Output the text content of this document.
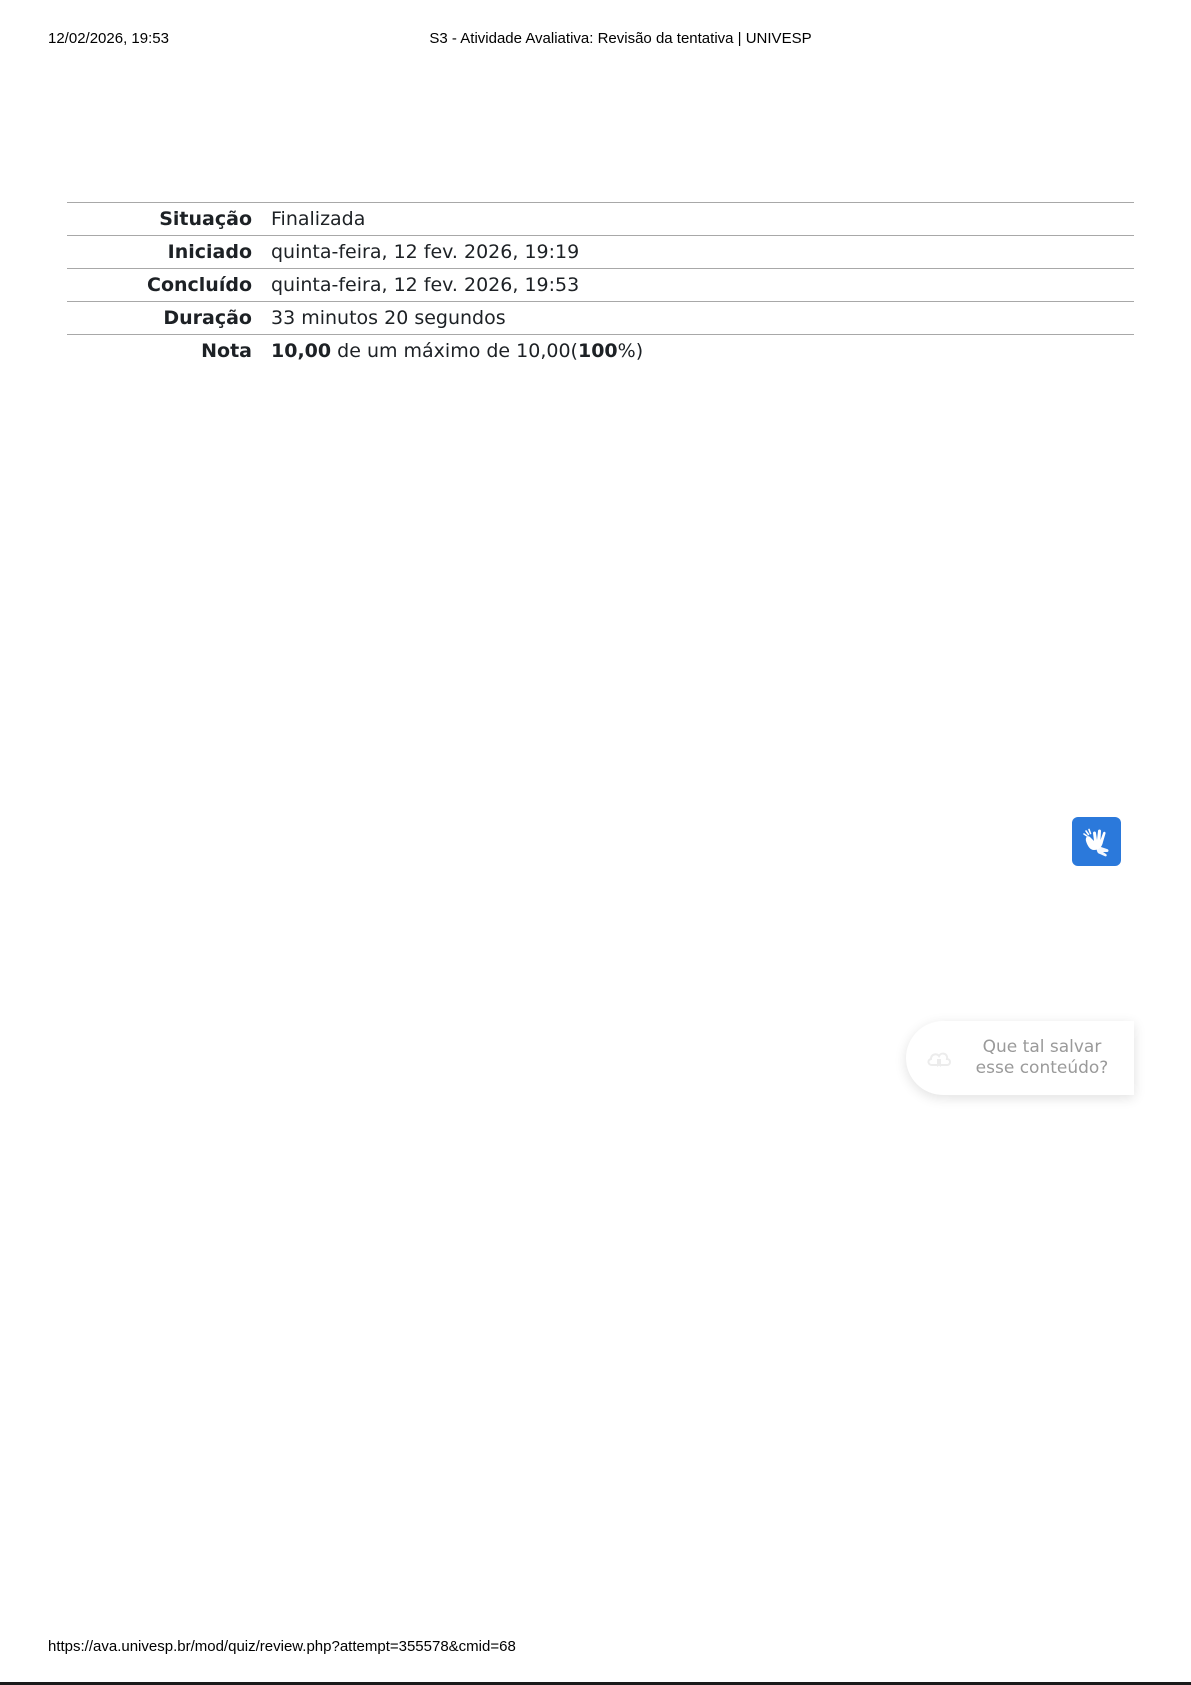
12/02/2026, 19:53	S3 - Atividade Avaliativa: Revisão da tentativa | UNIVESP
Situação	Finalizada
Iniciado	quinta-feira, 12 fev. 2026, 19:19
Concluído	quinta-feira, 12 fev. 2026, 19:53
Duração	33 minutos 20 segundos
Nota	10,00 de um máximo de 10,00(100%)
Que tal salvar
esse conteúdo?
https://ava.univesp.br/mod/quiz/review.php?attempt=355578&cmid=68
